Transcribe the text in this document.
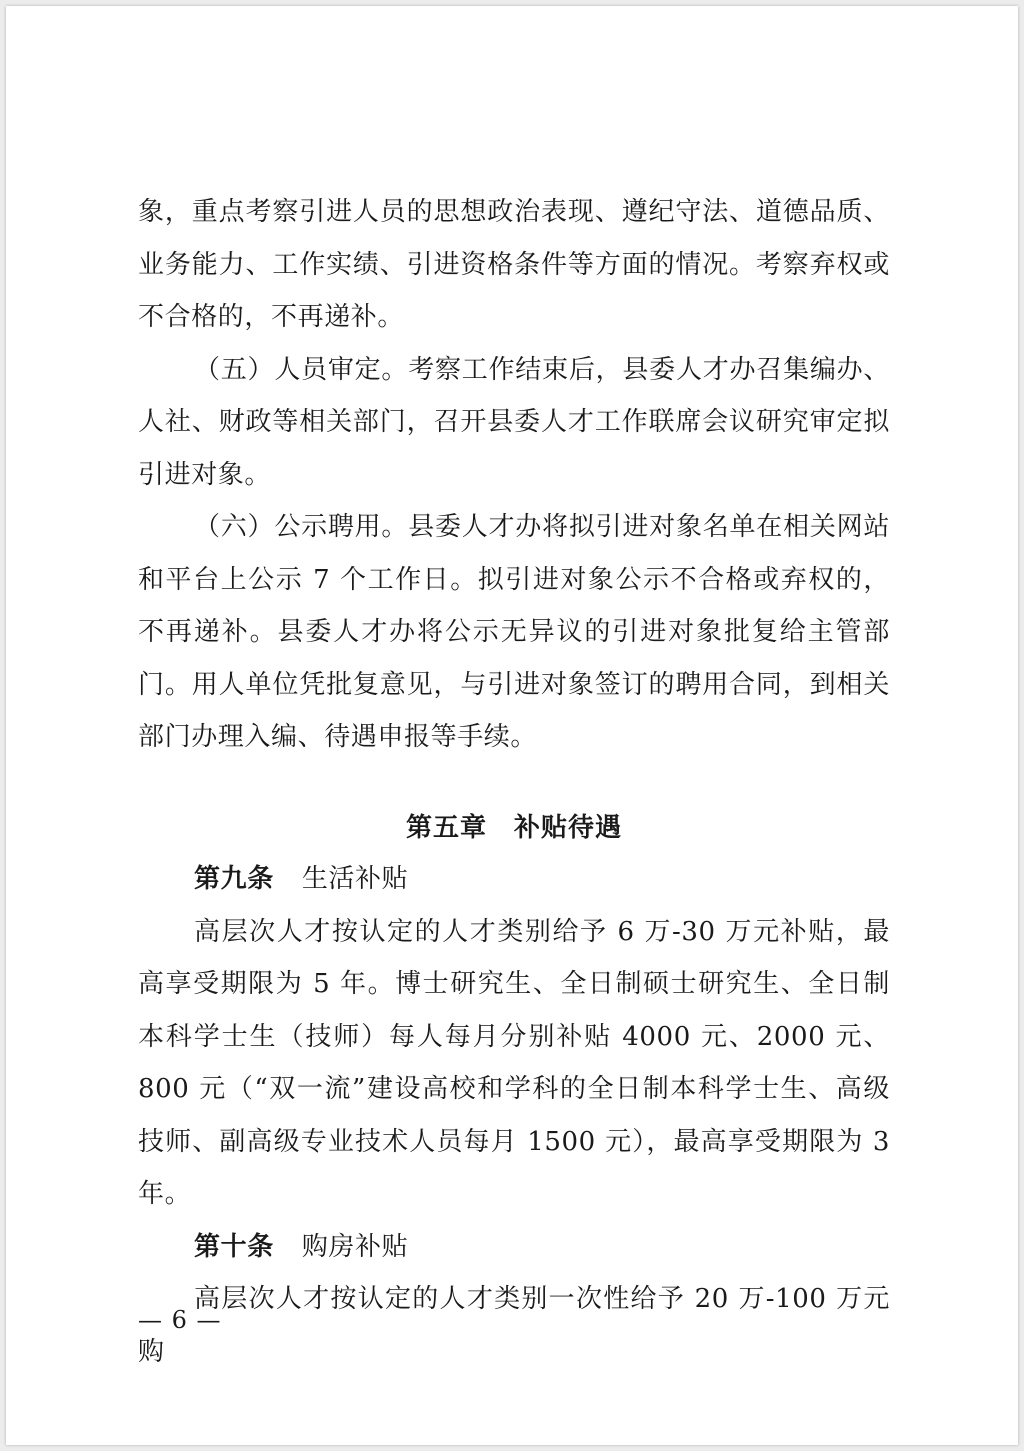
象，重点考察引进人员的思想政治表现、遵纪守法、道德品质、业务能力、工作实绩、引进资格条件等方面的情况。考察弃权或不合格的，不再递补。

（五）人员审定。考察工作结束后，县委人才办召集编办、人社、财政等相关部门，召开县委人才工作联席会议研究审定拟引进对象。

（六）公示聘用。县委人才办将拟引进对象名单在相关网站和平台上公示 7 个工作日。拟引进对象公示不合格或弃权的，不再递补。县委人才办将公示无异议的引进对象批复给主管部门。用人单位凭批复意见，与引进对象签订的聘用合同，到相关部门办理入编、待遇申报等手续。

第五章　补贴待遇

第九条 生活补贴

高层次人才按认定的人才类别给予 6 万-30 万元补贴，最高享受期限为 5 年。博士研究生、全日制硕士研究生、全日制本科学士生（技师）每人每月分别补贴 4000 元、2000 元、800 元（“双一流”建设高校和学科的全日制本科学士生、高级技师、副高级专业技术人员每月 1500 元），最高享受期限为 3 年。

第十条 购房补贴

高层次人才按认定的人才类别一次性给予 20 万-100 万元购

— 6 —
